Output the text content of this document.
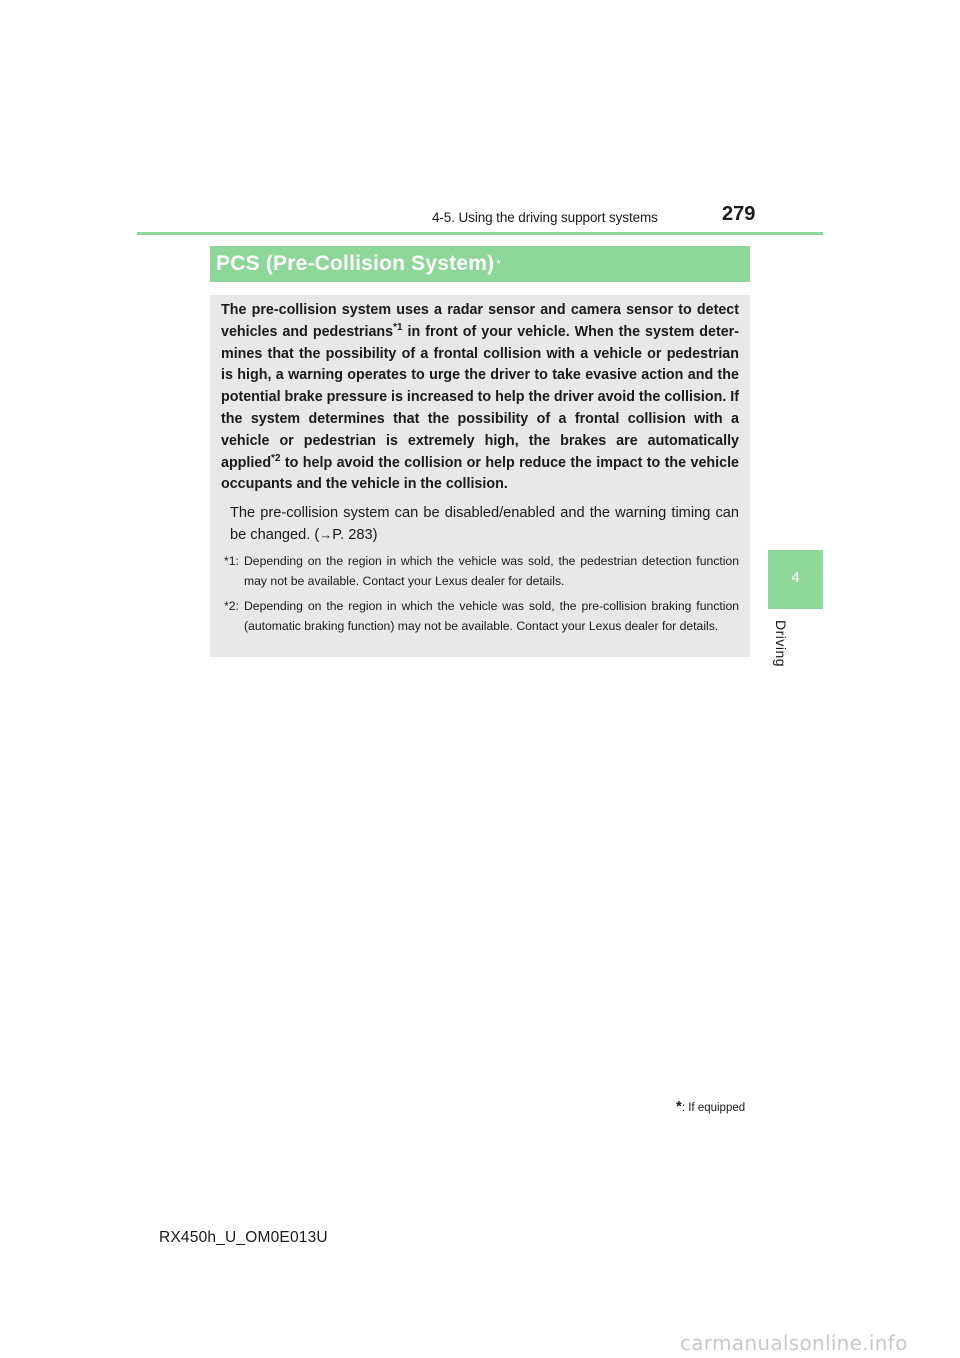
4-5. Using the driving support systems	279
4
Driving
PCS (Pre-Collision System) *

The pre-collision system uses a radar sensor and camera sensor to detect vehicles and pedestrians$^{*1}$ in front of your vehicle. When the system deter-mines that the possibility of a frontal collision with a vehicle or pedestrian is high, a warning operates to urge the driver to take evasive action and the potential brake pressure is increased to help the driver avoid the collision. If the system determines that the possibility of a frontal collision with a vehicle or pedestrian is extremely high, the brakes are automatically applied$^{*2}$ to help avoid the collision or help reduce the impact to the vehicle occupants and the vehicle in the collision.

The pre-collision system can be disabled/enabled and the warning timing can be changed. (→P. 283)

*1: Depending on the region in which the vehicle was sold, the pedestrian detection function may not be available. Contact your Lexus dealer for details.
*2: Depending on the region in which the vehicle was sold, the pre-collision braking function (automatic braking function) may not be available. Contact your Lexus dealer for details.
*: If equipped
RX450h_U_OM0E013U
carmanualsonline.info
